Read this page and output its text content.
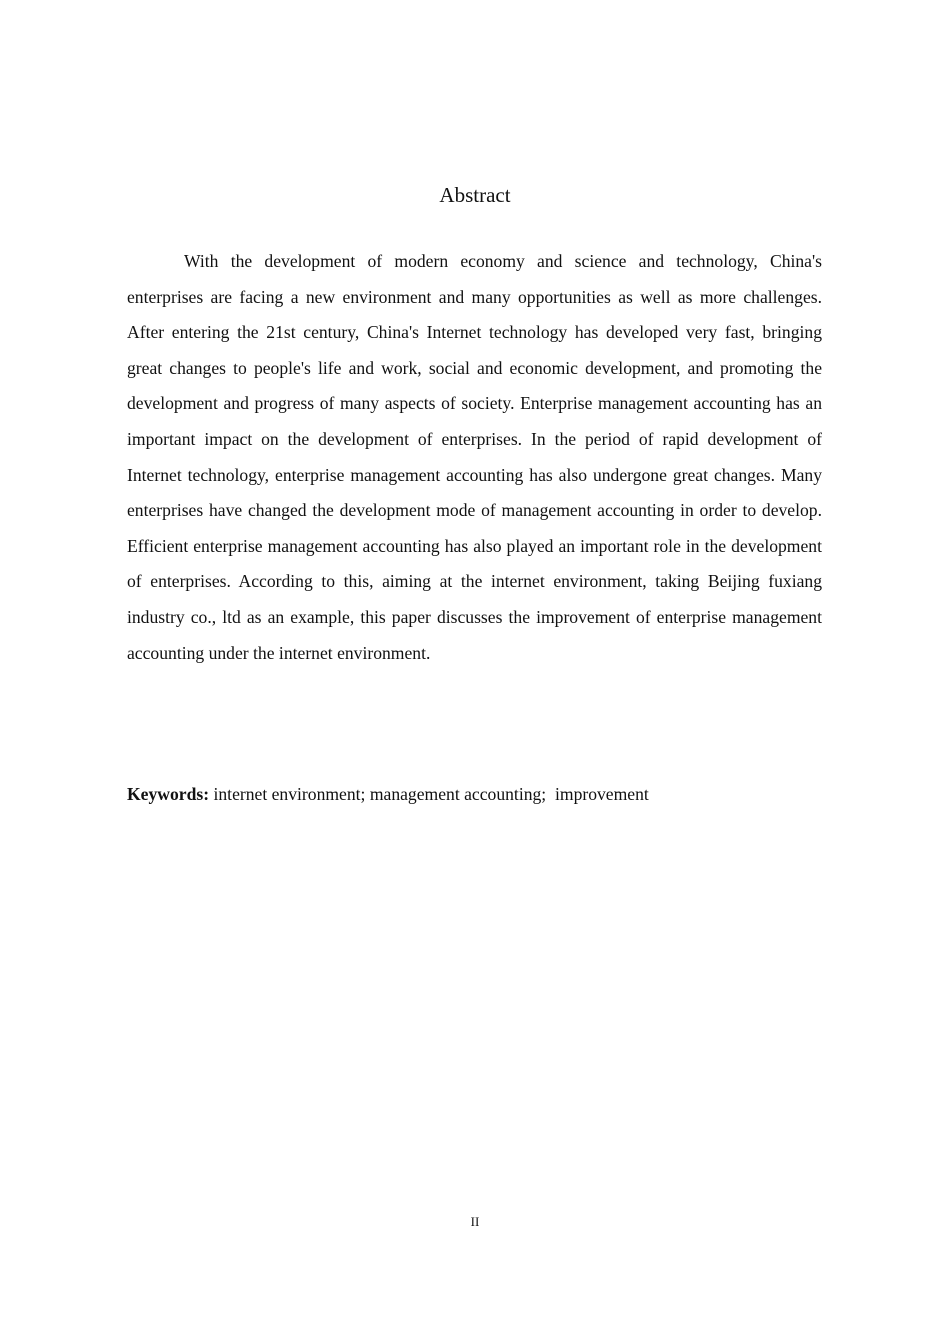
Abstract

With the development of modern economy and science and technology, China's enterprises are facing a new environment and many opportunities as well as more challenges. After entering the 21st century, China's Internet technology has developed very fast, bringing great changes to people's life and work, social and economic development, and promoting the development and progress of many aspects of society. Enterprise management accounting has an important impact on the development of enterprises. In the period of rapid development of Internet technology, enterprise management accounting has also undergone great changes. Many enterprises have changed the development mode of management accounting in order to develop. Efficient enterprise management accounting has also played an important role in the development of enterprises. According to this, aiming at the internet environment, taking Beijing fuxiang industry co., ltd as an example, this paper discusses the improvement of enterprise management accounting under the internet environment.

Keywords: internet environment; management accounting;  improvement

II
